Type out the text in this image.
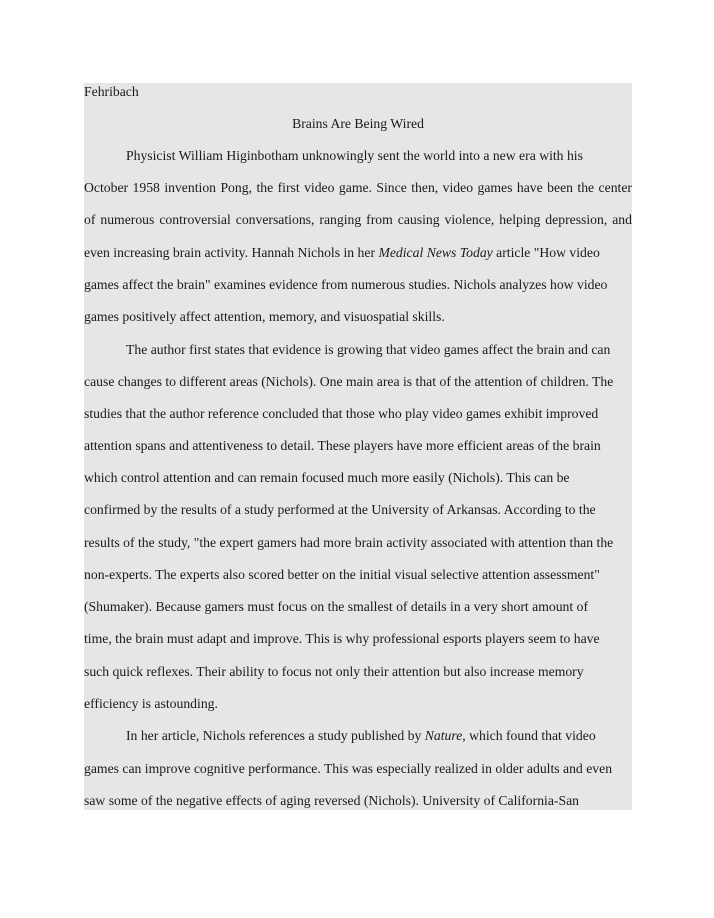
Fehribach

Brains Are Being Wired

Physicist William Higinbotham unknowingly sent the world into a new era with his

October 1958 invention Pong, the first video game. Since then, video games have been the center

of numerous controversial conversations, ranging from causing violence, helping depression, and

even increasing brain activity. Hannah Nichols in her Medical News Today article "How video

games affect the brain" examines evidence from numerous studies. Nichols analyzes how video

games positively affect attention, memory, and visuospatial skills.

The author first states that evidence is growing that video games affect the brain and can

cause changes to different areas (Nichols). One main area is that of the attention of children. The

studies that the author reference concluded that those who play video games exhibit improved

attention spans and attentiveness to detail. These players have more efficient areas of the brain

which control attention and can remain focused much more easily (Nichols). This can be

confirmed by the results of a study performed at the University of Arkansas. According to the

results of the study, "the expert gamers had more brain activity associated with attention than the

non-experts. The experts also scored better on the initial visual selective attention assessment"

(Shumaker). Because gamers must focus on the smallest of details in a very short amount of

time, the brain must adapt and improve. This is why professional esports players seem to have

such quick reflexes. Their ability to focus not only their attention but also increase memory

efficiency is astounding.

In her article, Nichols references a study published by Nature, which found that video

games can improve cognitive performance. This was especially realized in older adults and even

saw some of the negative effects of aging reversed (Nichols). University of California-San
